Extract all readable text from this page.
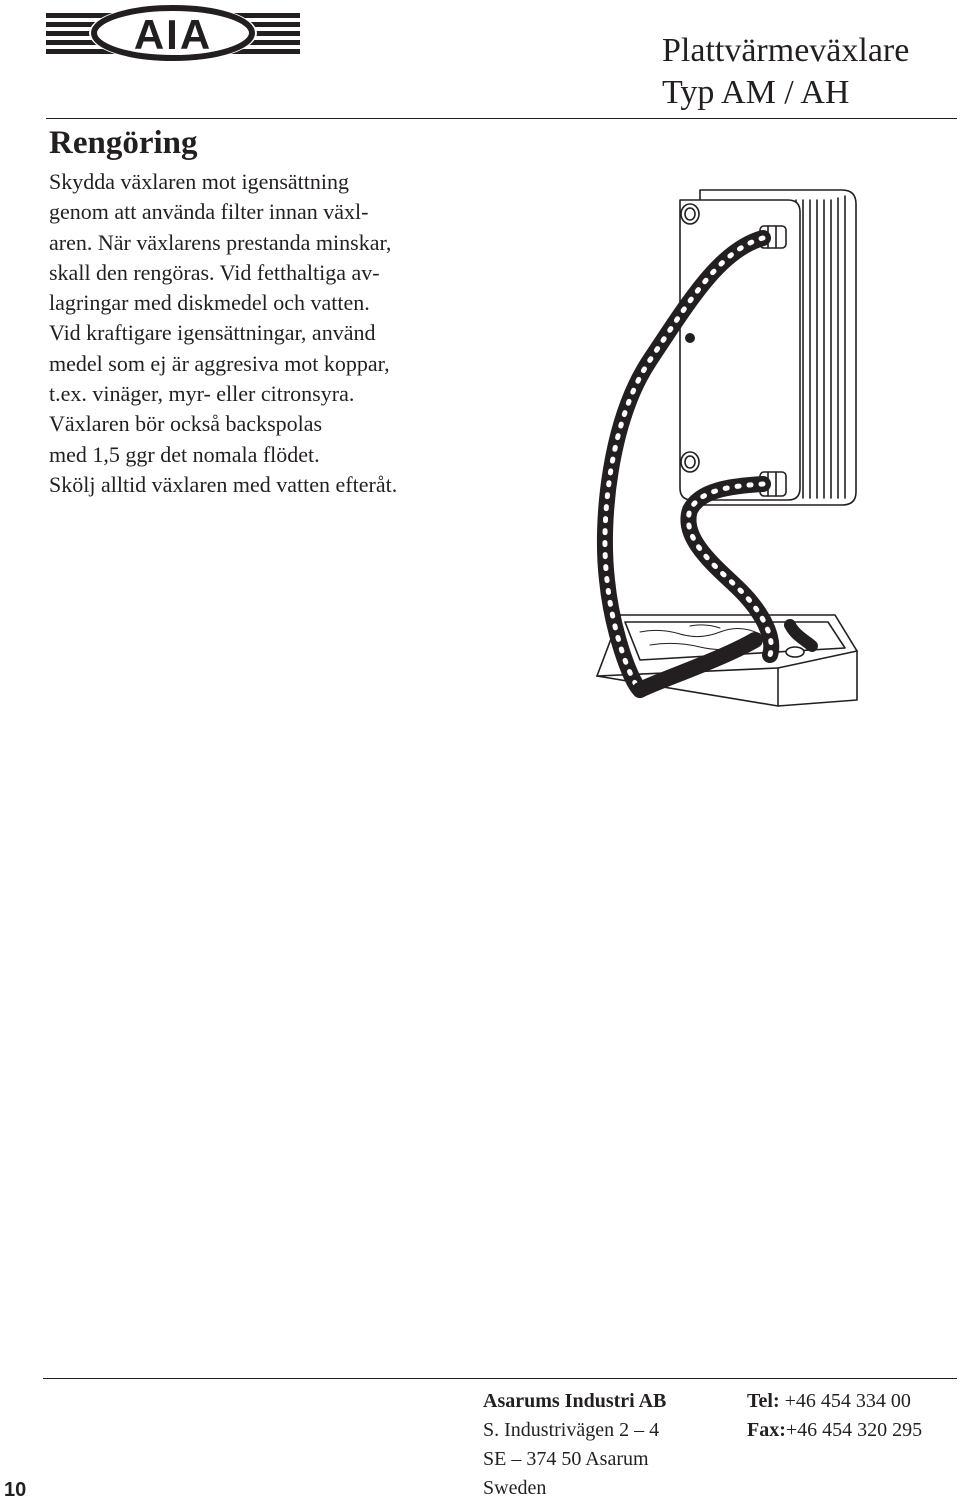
AIA	Plattvärmeväxlare
Typ AM / AH
Rengöring
Skydda växlaren mot igensättning
genom att använda filter innan växl-
aren. När växlarens prestanda minskar,
skall den rengöras. Vid fetthaltiga av-
lagringar med diskmedel och vatten.
Vid kraftigare igensättningar, använd
medel som ej är aggresiva mot koppar,
t.ex. vinäger, myr- eller citronsyra.
Växlaren bör också backspolas
med 1,5 ggr det nomala flödet.
Skölj alltid växlaren med vatten efteråt.
10
Asarums Industri AB
S. Industrivägen 2 – 4
SE – 374 50 Asarum
Sweden
Tel: +46 454 334 00
Fax:+46 454 320 295
